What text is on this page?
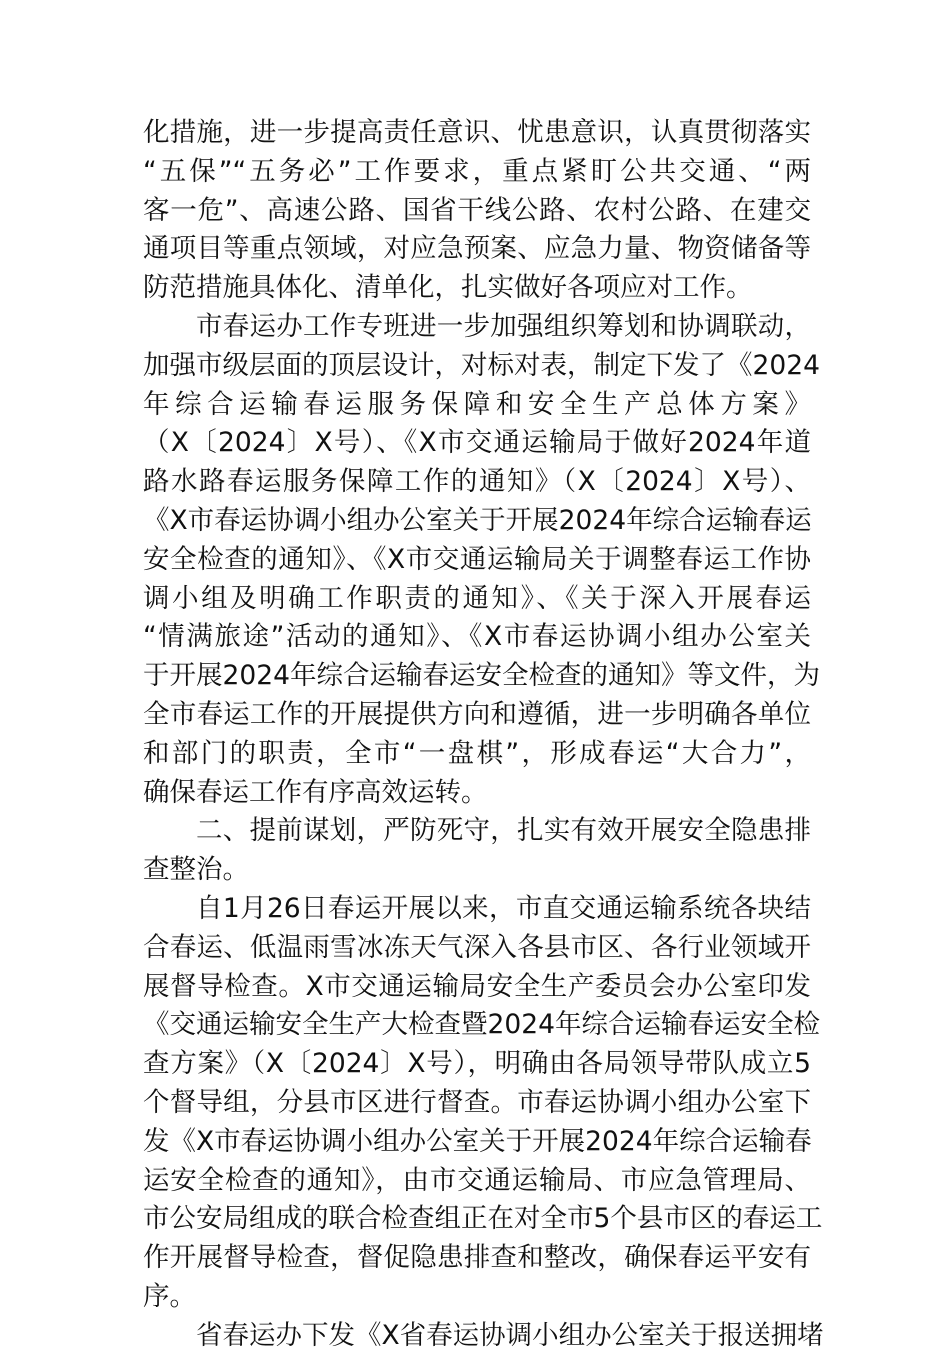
化措施，进一步提高责任意识、忧患意识，认真贯彻落实
“五保”“五务必”工作要求，重点紧盯公共交通、“两
客一危”、高速公路、国省干线公路、农村公路、在建交
通项目等重点领域，对应急预案、应急力量、物资储备等
防范措施具体化、清单化，扎实做好各项应对工作。
市春运办工作专班进一步加强组织筹划和协调联动，
加强市级层面的顶层设计，对标对表，制定下发了《2024
年综合运输春运服务保障和安全生产总体方案》
（X〔2024〕X号）、《X市交通运输局于做好2024年道
路水路春运服务保障工作的通知》（X〔2024〕X号）、
《X市春运协调小组办公室关于开展2024年综合运输春运
安全检查的通知》、《X市交通运输局关于调整春运工作协
调小组及明确工作职责的通知》、《关于深入开展春运
“情满旅途”活动的通知》、《X市春运协调小组办公室关
于开展2024年综合运输春运安全检查的通知》等文件，为
全市春运工作的开展提供方向和遵循，进一步明确各单位
和部门的职责，全市“一盘棋”，形成春运“大合力”，
确保春运工作有序高效运转。
二、提前谋划，严防死守，扎实有效开展安全隐患排
查整治。
自1月26日春运开展以来，市直交通运输系统各块结
合春运、低温雨雪冰冻天气深入各县市区、各行业领域开
展督导检查。X市交通运输局安全生产委员会办公室印发
《交通运输安全生产大检查暨2024年综合运输春运安全检
查方案》（X〔2024〕X号），明确由各局领导带队成立5
个督导组，分县市区进行督查。市春运协调小组办公室下
发《X市春运协调小组办公室关于开展2024年综合运输春
运安全检查的通知》，由市交通运输局、市应急管理局、
市公安局组成的联合检查组正在对全市5个县市区的春运工
作开展督导检查，督促隐患排查和整改，确保春运平安有
序。
省春运办下发《X省春运协调小组办公室关于报送拥堵
